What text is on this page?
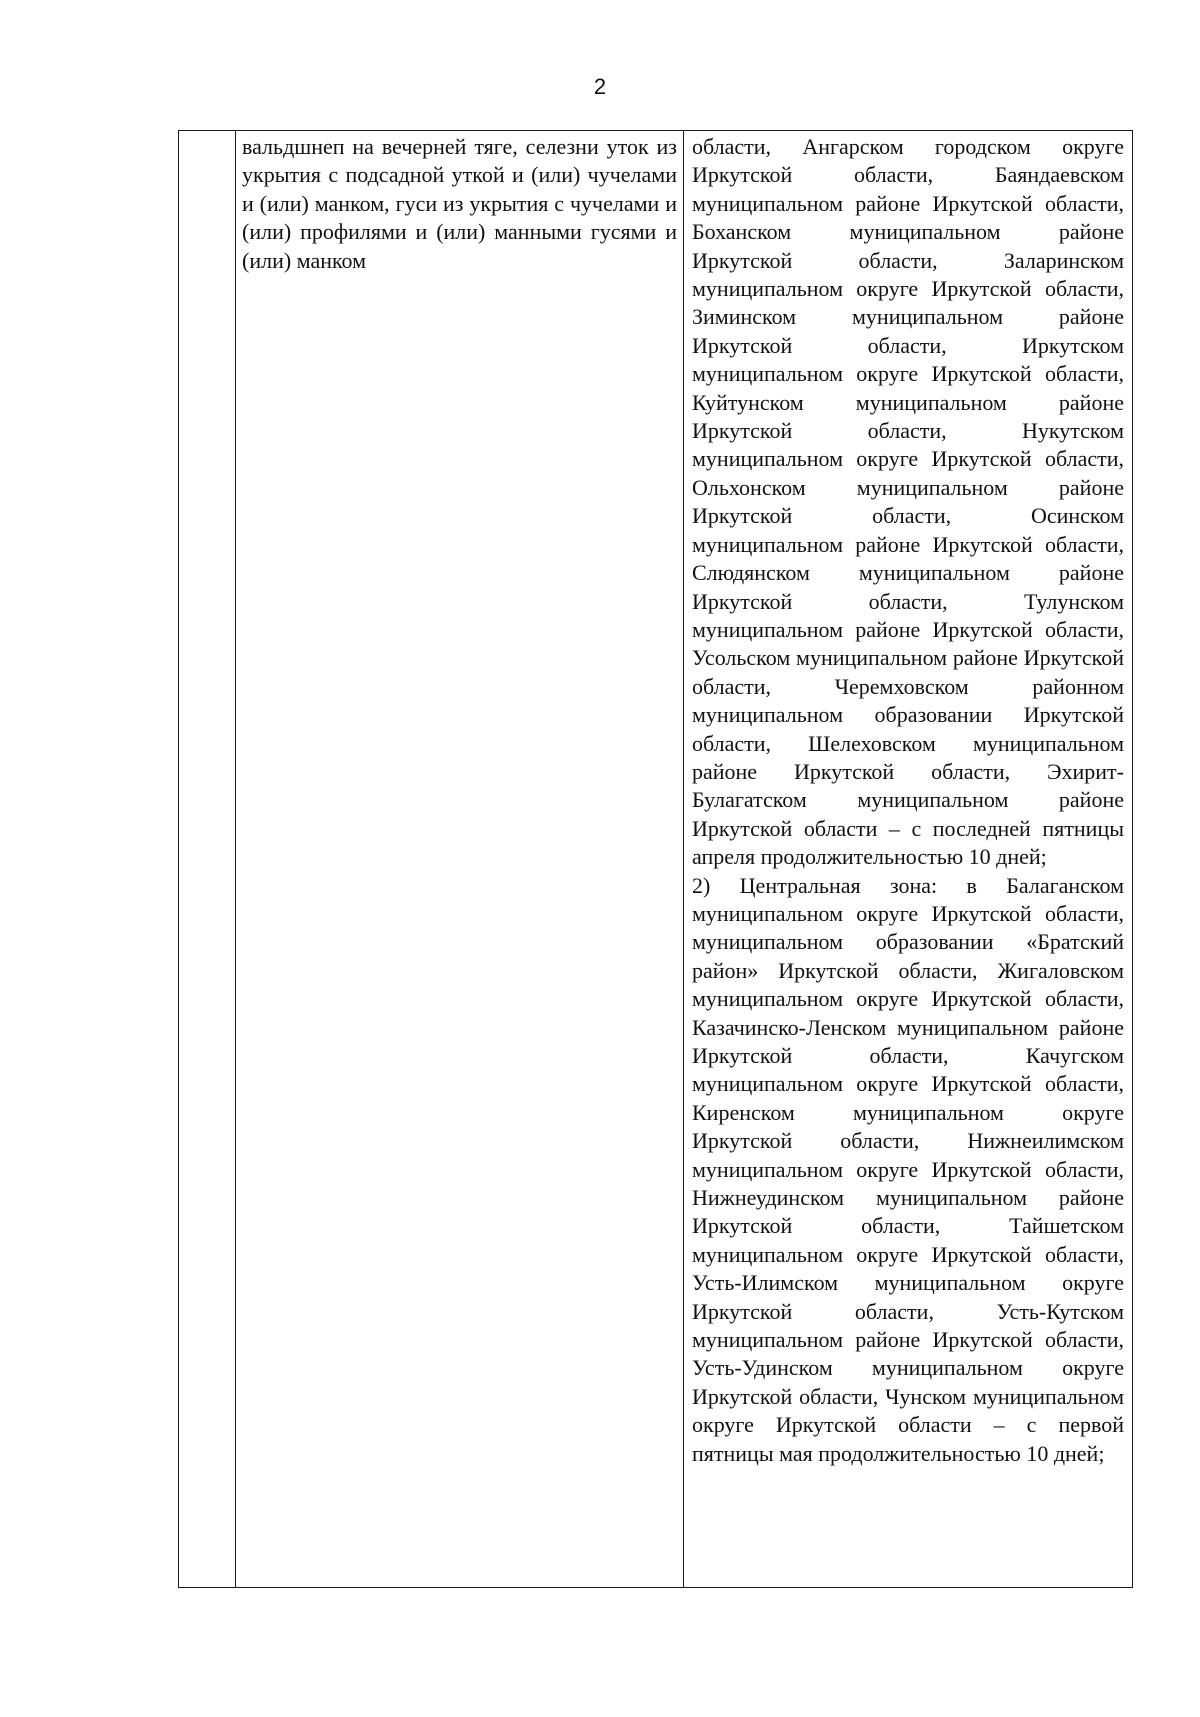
2

вальдшнеп на вечерней тяге, селезни уток из укрытия с подсадной уткой и (или) чучелами и (или) манком, гуси из укрытия с чучелами и (или) профилями и (или) манными гусями и (или) манком

области, Ангарском городском округе Иркутской области, Баяндаевском муниципальном районе Иркутской области, Боханском муниципальном районе Иркутской области, Заларинском муниципальном округе Иркутской области, Зиминском муниципальном районе Иркутской области, Иркутском муниципальном округе Иркутской области, Куйтунском муниципальном районе Иркутской области, Нукутском муниципальном округе Иркутской области, Ольхонском муниципальном районе Иркутской области, Осинском муниципальном районе Иркутской области, Слюдянском муниципальном районе Иркутской области, Тулунском муниципальном районе Иркутской области, Усольском муниципальном районе Иркутской области, Черемховском районном муниципальном образовании Иркутской области, Шелеховском муниципальном районе Иркутской области, Эхирит-Булагатском муниципальном районе Иркутской области – с последней пятницы апреля продолжительностью 10 дней;

2) Центральная зона: в Балаганском муниципальном округе Иркутской области, муниципальном образовании «Братский район» Иркутской области, Жигаловском муниципальном округе Иркутской области, Казачинско-Ленском муниципальном районе Иркутской области, Качугском муниципальном округе Иркутской области, Киренском муниципальном округе Иркутской области, Нижнеилимском муниципальном округе Иркутской области, Нижнеудинском муниципальном районе Иркутской области, Тайшетском муниципальном округе Иркутской области, Усть-Илимском муниципальном округе Иркутской области, Усть-Кутском муниципальном районе Иркутской области, Усть-Удинском муниципальном округе Иркутской области, Чунском муниципальном округе Иркутской области – с первой пятницы мая продолжительностью 10 дней;
